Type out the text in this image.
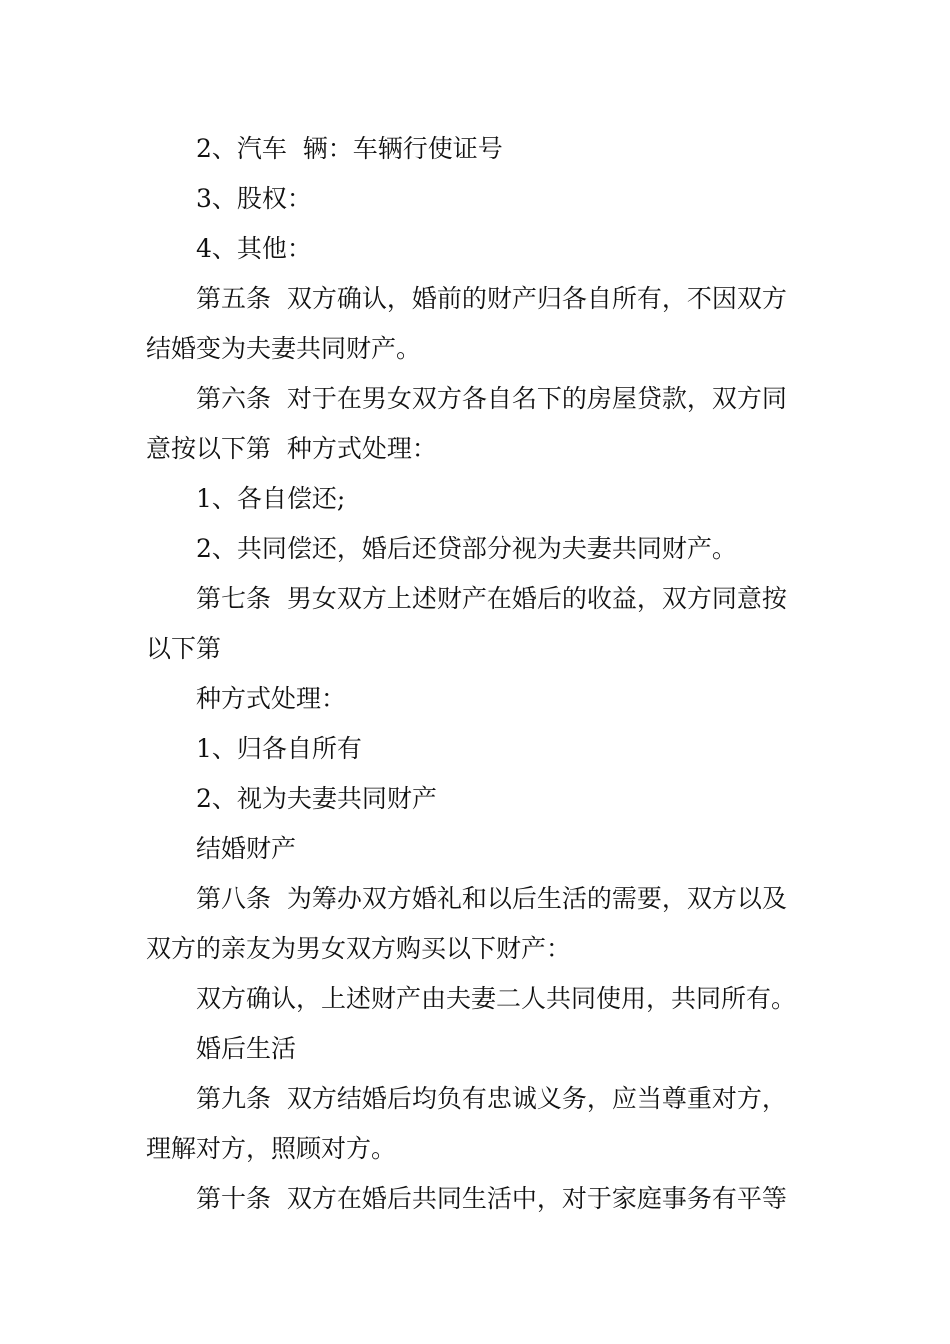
2、汽车  辆：车辆行使证号
3、股权：
4、其他：
第五条  双方确认，婚前的财产归各自所有，不因双方
结婚变为夫妻共同财产。
第六条  对于在男女双方各自名下的房屋贷款，双方同
意按以下第  种方式处理：
1、各自偿还;
2、共同偿还，婚后还贷部分视为夫妻共同财产。
第七条  男女双方上述财产在婚后的收益，双方同意按
以下第
种方式处理：
1、归各自所有
2、视为夫妻共同财产
结婚财产
第八条  为筹办双方婚礼和以后生活的需要，双方以及
双方的亲友为男女双方购买以下财产：
双方确认，上述财产由夫妻二人共同使用，共同所有。
婚后生活
第九条  双方结婚后均负有忠诚义务，应当尊重对方，
理解对方，照顾对方。
第十条  双方在婚后共同生活中，对于家庭事务有平等
